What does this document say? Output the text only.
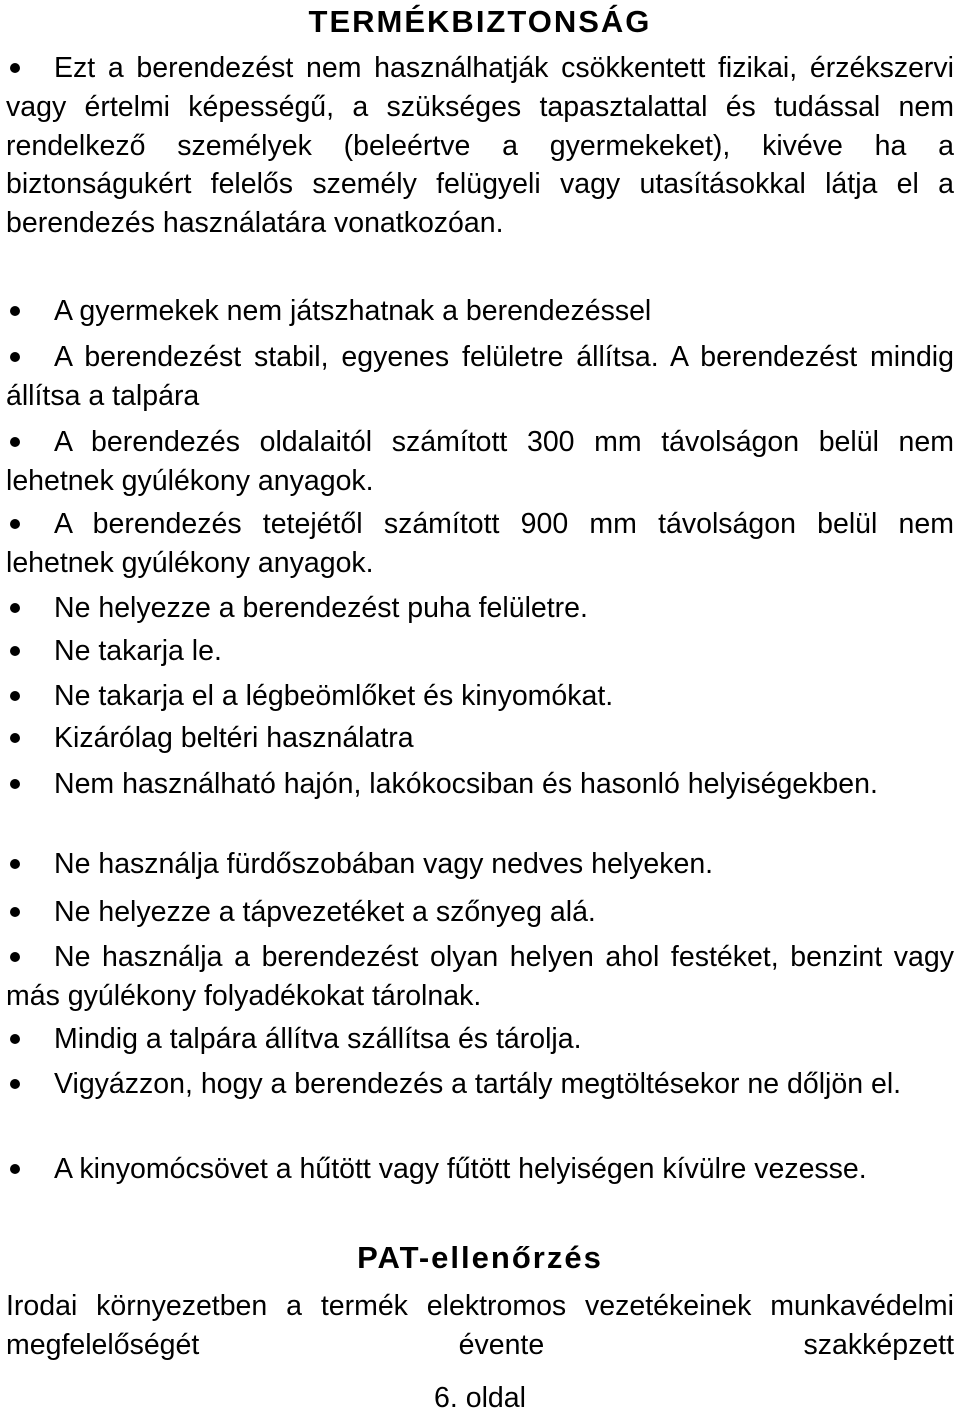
TERMÉKBIZTONSÁG
Ezt a berendezést nem használhatják csökkentett fizikai, érzékszervi vagy értelmi képességű, a szükséges tapasztalattal és tudással nem rendelkező személyek (beleértve a gyermekeket), kivéve ha a biztonságukért felelős személy felügyeli vagy utasításokkal látja el a berendezés használatára vonatkozóan.
A gyermekek nem játszhatnak a berendezéssel
A berendezést stabil, egyenes felületre állítsa. A berendezést mindig állítsa a talpára
A berendezés oldalaitól számított 300 mm távolságon belül nem lehetnek gyúlékony anyagok.
A berendezés tetejétől számított 900 mm távolságon belül nem lehetnek gyúlékony anyagok.
Ne helyezze a berendezést puha felületre.
Ne takarja le.
Ne takarja el a légbeömlőket és kinyomókat.
Kizárólag beltéri használatra
Nem használható hajón, lakókocsiban és hasonló helyiségekben.
Ne használja fürdőszobában vagy nedves helyeken.
Ne helyezze a tápvezetéket a szőnyeg alá.
Ne használja a berendezést olyan helyen ahol festéket, benzint vagy más gyúlékony folyadékokat tárolnak.
Mindig a talpára állítva szállítsa és tárolja.
Vigyázzon, hogy a berendezés a tartály megtöltésekor ne dőljön el.
A kinyomócsövet a hűtött vagy fűtött helyiségen kívülre vezesse.
PAT-ellenőrzés

Irodai környezetben a termék elektromos vezetékeinek munkavédelmi megfelelőségét évente szakképzett

6. oldal
